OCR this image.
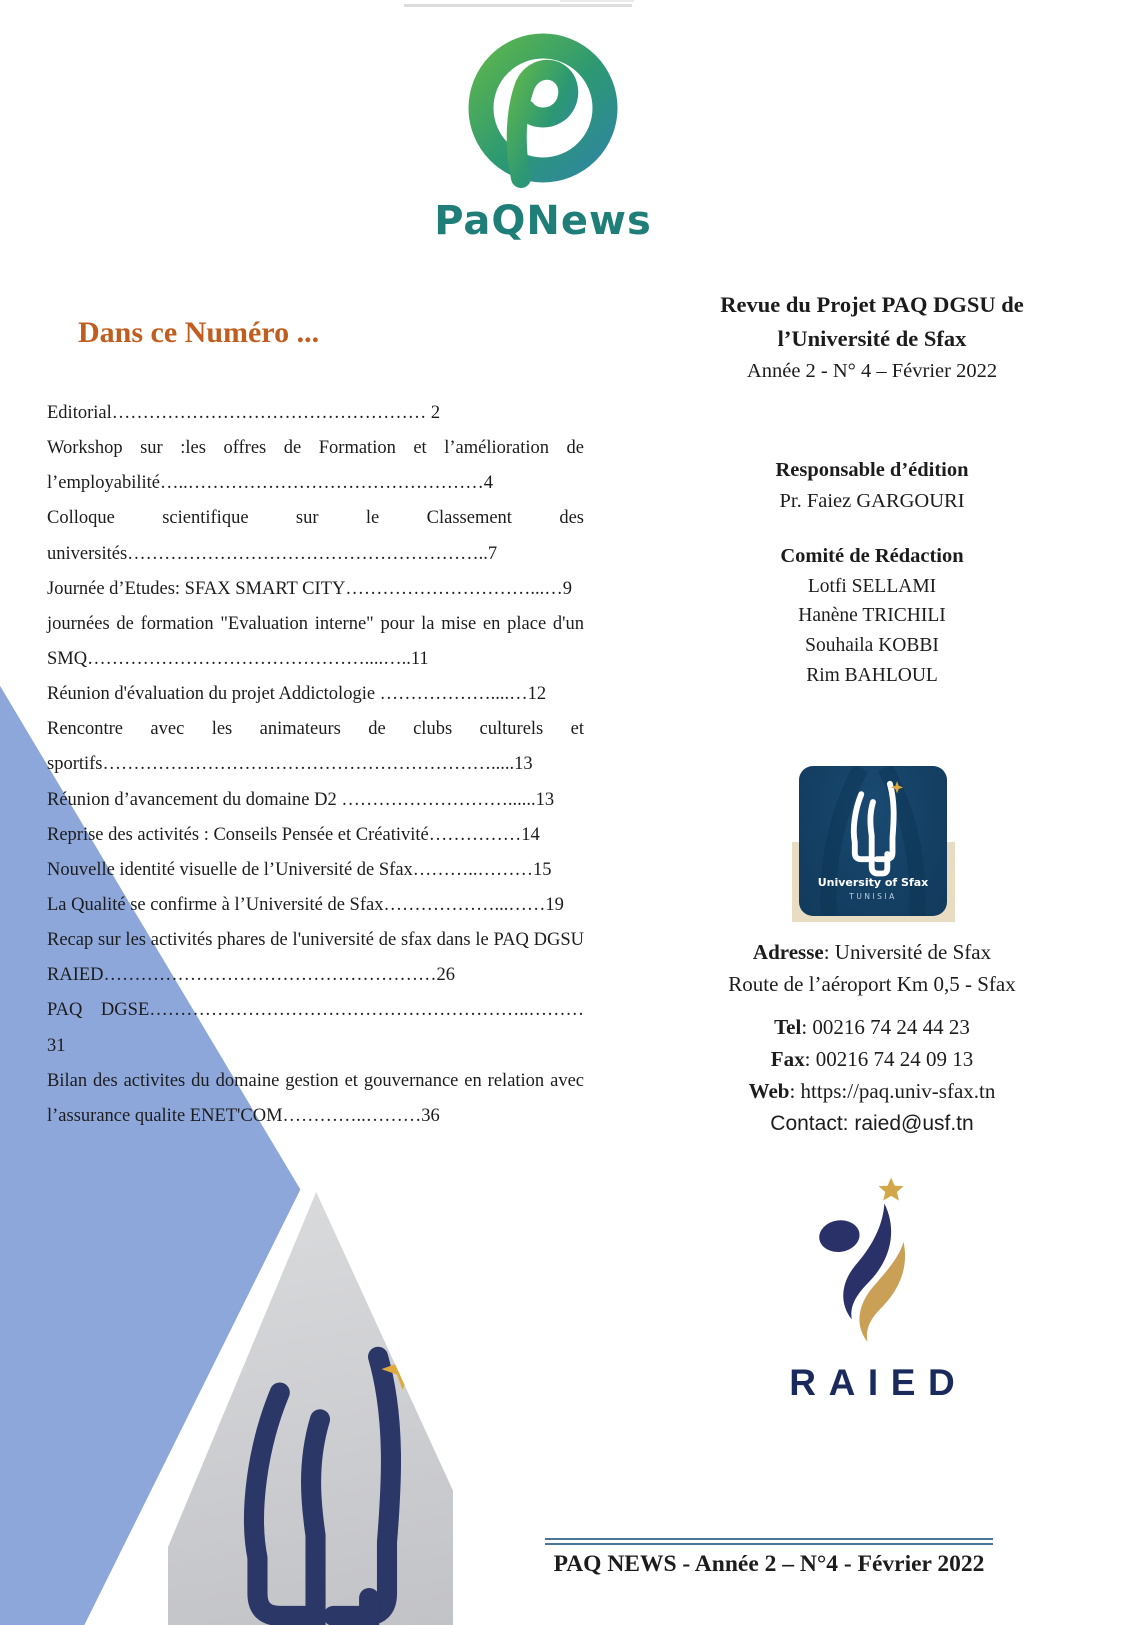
PaQNews
Dans ce Numéro ...

Editorial…………………………………………… 2

Workshop sur :les offres de Formation et l’amélioration de l’employabilité…..…………………………………………4

Colloque scientifique sur le Classement des universités…………………………………………………..7

Journée d’Etudes: SFAX SMART CITY…………………………...…9

journées de formation "Evaluation interne" pour la mise en place d'un SMQ………………………………………....…..11

Réunion d'évaluation du projet Addictologie ………………....…12

Rencontre avec les animateurs de clubs culturels et sportifs……………………………………………………….....13

Réunion d’avancement du domaine D2 ………………………......13

Reprise des activités : Conseils Pensée et Créativité……………14

Nouvelle identité visuelle de l’Université de Sfax………..………15

La Qualité se confirme à l’Université de Sfax………………...……19

Recap sur les activités phares de l'université de sfax dans le PAQ DGSU RAIED………………………………………………26

PAQ DGSE……………………………………………………..………31

Bilan des activites du domaine gestion et gouvernance en relation avec l’assurance qualite ENET'COM…………..………36

Revue du Projet PAQ DGSU de l’Université de Sfax
Année 2 - N° 4 – Février 2022
Responsable d’édition
Pr. Faiez GARGOURI
Comité de Rédaction
Lotfi SELLAMI
Hanène TRICHILI
Souhaila KOBBI
Rim BAHLOUL
University of Sfax
TUNISIA
Adresse: Université de Sfax
Route de l’aéroport Km 0,5 - Sfax
Tel: 00216 74 24 44 23
Fax: 00216 74 24 09 13
Web: https://paq.univ-sfax.tn
Contact: raied@usf.tn
RAIED
PAQ NEWS - Année 2 – N°4 - Février 2022
